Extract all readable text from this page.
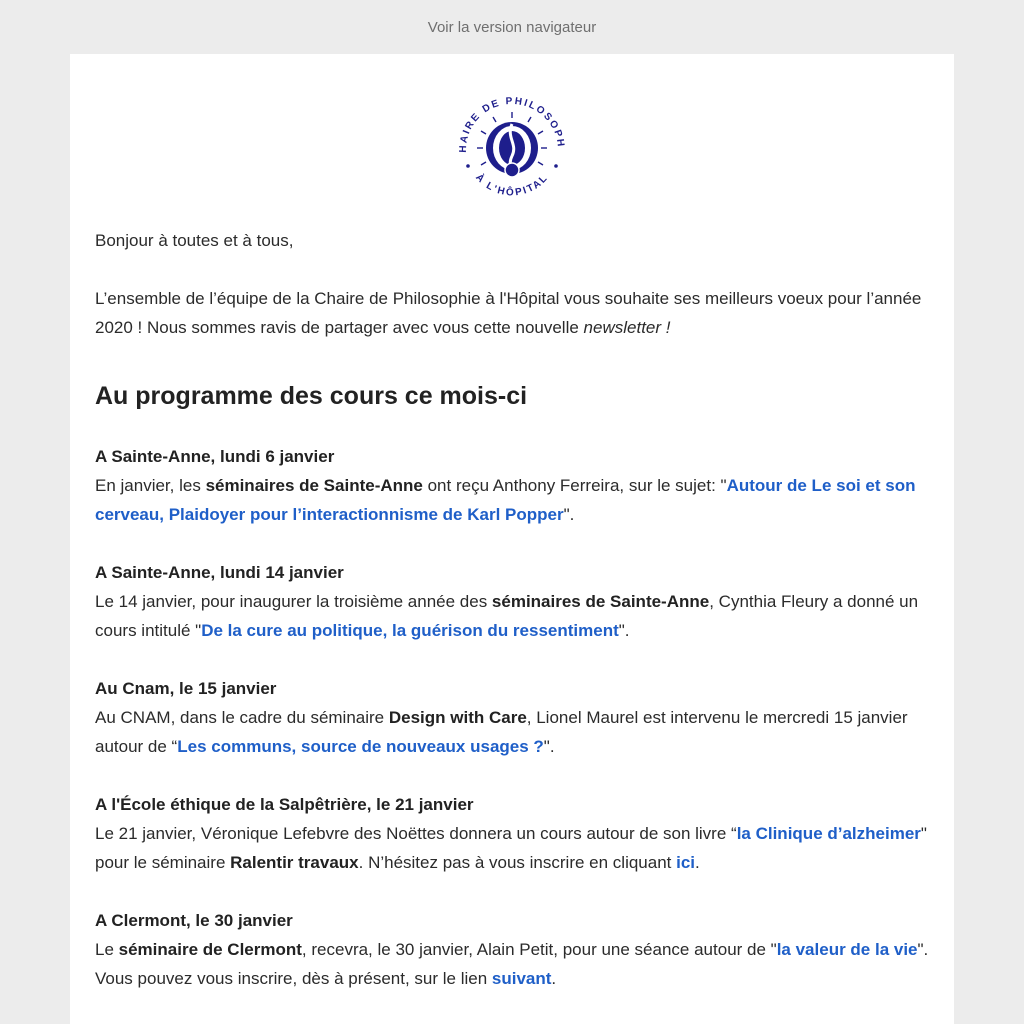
Voir la version navigateur
HAIRE DE PHILOSOPH
À L'HÔPITAL

Bonjour à toutes et à tous,

L’ensemble de l’équipe de la Chaire de Philosophie à l'Hôpital vous souhaite ses meilleurs voeux pour l’année 2020 ! Nous sommes ravis de partager avec vous cette nouvelle newsletter !

Au programme des cours ce mois-ci
A Sainte-Anne, lundi 6 janvier

En janvier, les séminaires de Sainte-Anne ont reçu Anthony Ferreira, sur le sujet: "Autour de Le soi et son cerveau, Plaidoyer pour l’interactionnisme de Karl Popper".

A Sainte-Anne, lundi 14 janvier

Le 14 janvier, pour inaugurer la troisième année des séminaires de Sainte-Anne, Cynthia Fleury a donné un cours intitulé "De la cure au politique, la guérison du ressentiment".

Au Cnam, le 15 janvier

Au CNAM, dans le cadre du séminaire Design with Care, Lionel Maurel est intervenu le mercredi 15 janvier autour de “Les communs, source de nouveaux usages ?".

A l'École éthique de la Salpêtrière, le 21 janvier

Le 21 janvier, Véronique Lefebvre des Noëttes donnera un cours autour de son livre “la Clinique d’alzheimer" pour le séminaire Ralentir travaux. N’hésitez pas à vous inscrire en cliquant ici.

A Clermont, le 30 janvier

Le séminaire de Clermont, recevra, le 30 janvier, Alain Petit, pour une séance autour de "la valeur de la vie". Vous pouvez vous inscrire, dès à présent, sur le lien suivant.
